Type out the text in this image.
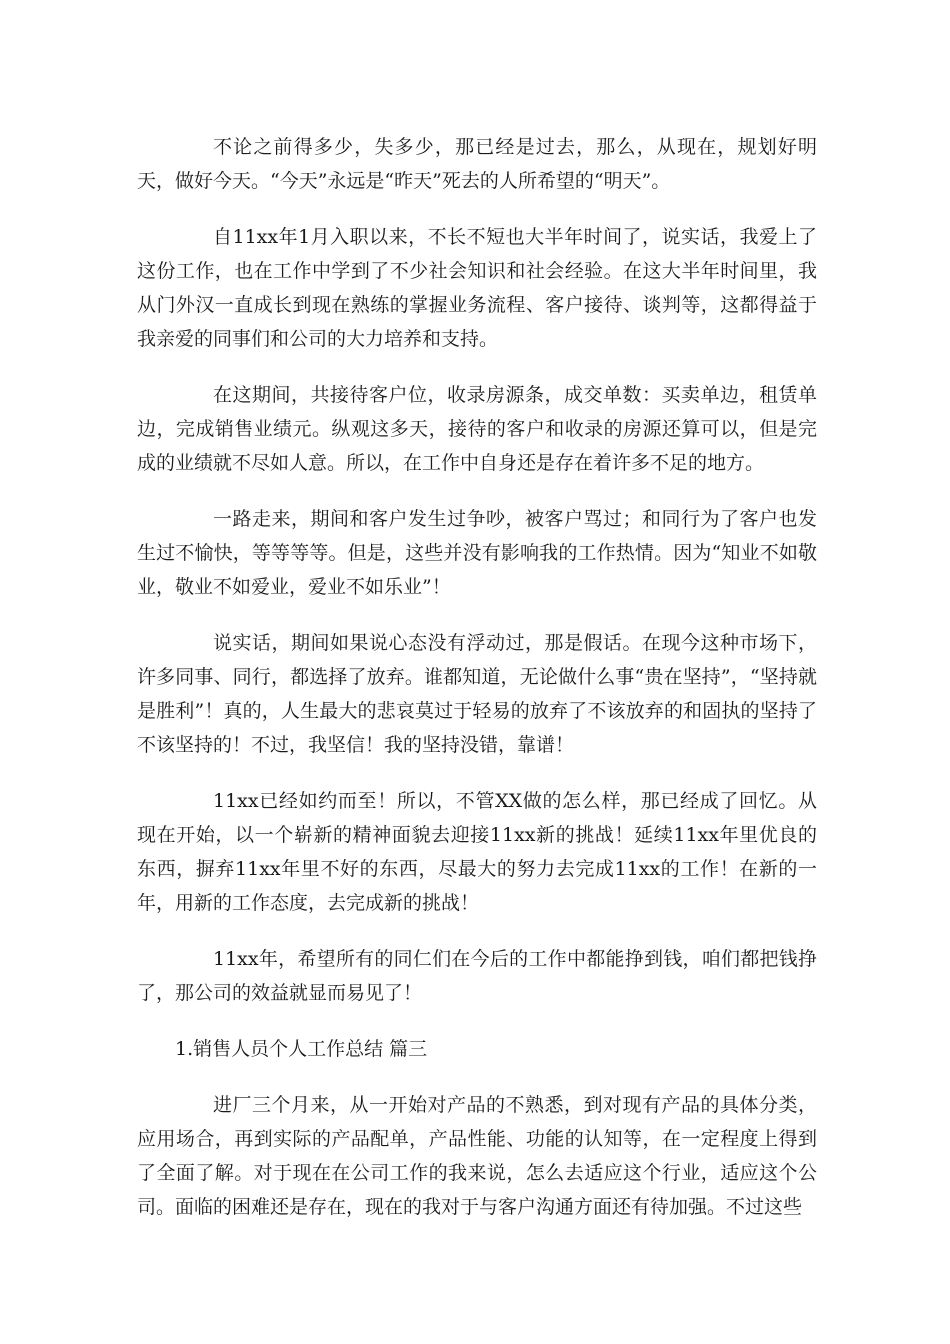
不论之前得多少，失多少，那已经是过去，那么，从现在，规划好明天，做好今天。“今天”永远是“昨天”死去的人所希望的“明天”。

自11xx年1月入职以来，不长不短也大半年时间了，说实话，我爱上了这份工作，也在工作中学到了不少社会知识和社会经验。在这大半年时间里，我从门外汉一直成长到现在熟练的掌握业务流程、客户接待、谈判等，这都得益于我亲爱的同事们和公司的大力培养和支持。

在这期间，共接待客户位，收录房源条，成交单数：买卖单边，租赁单边，完成销售业绩元。纵观这多天，接待的客户和收录的房源还算可以，但是完成的业绩就不尽如人意。所以，在工作中自身还是存在着许多不足的地方。

一路走来，期间和客户发生过争吵，被客户骂过；和同行为了客户也发生过不愉快，等等等等。但是，这些并没有影响我的工作热情。因为“知业不如敬业，敬业不如爱业，爱业不如乐业”！

说实话，期间如果说心态没有浮动过，那是假话。在现今这种市场下，许多同事、同行，都选择了放弃。谁都知道，无论做什么事“贵在坚持”，“坚持就是胜利”！真的，人生最大的悲哀莫过于轻易的放弃了不该放弃的和固执的坚持了不该坚持的！不过，我坚信！我的坚持没错，靠谱！

11xx已经如约而至！所以，不管XX做的怎么样，那已经成了回忆。从现在开始，以一个崭新的精神面貌去迎接11xx新的挑战！延续11xx年里优良的东西，摒弃11xx年里不好的东西，尽最大的努力去完成11xx的工作！在新的一年，用新的工作态度，去完成新的挑战！

11xx年，希望所有的同仁们在今后的工作中都能挣到钱，咱们都把钱挣了，那公司的效益就显而易见了！

1.销售人员个人工作总结 篇三

进厂三个月来，从一开始对产品的不熟悉，到对现有产品的具体分类，应用场合，再到实际的产品配单，产品性能、功能的认知等，在一定程度上得到了全面了解。对于现在在公司工作的我来说，怎么去适应这个行业，适应这个公司。面临的困难还是存在，现在的我对于与客户沟通方面还有待加强。不过这些
